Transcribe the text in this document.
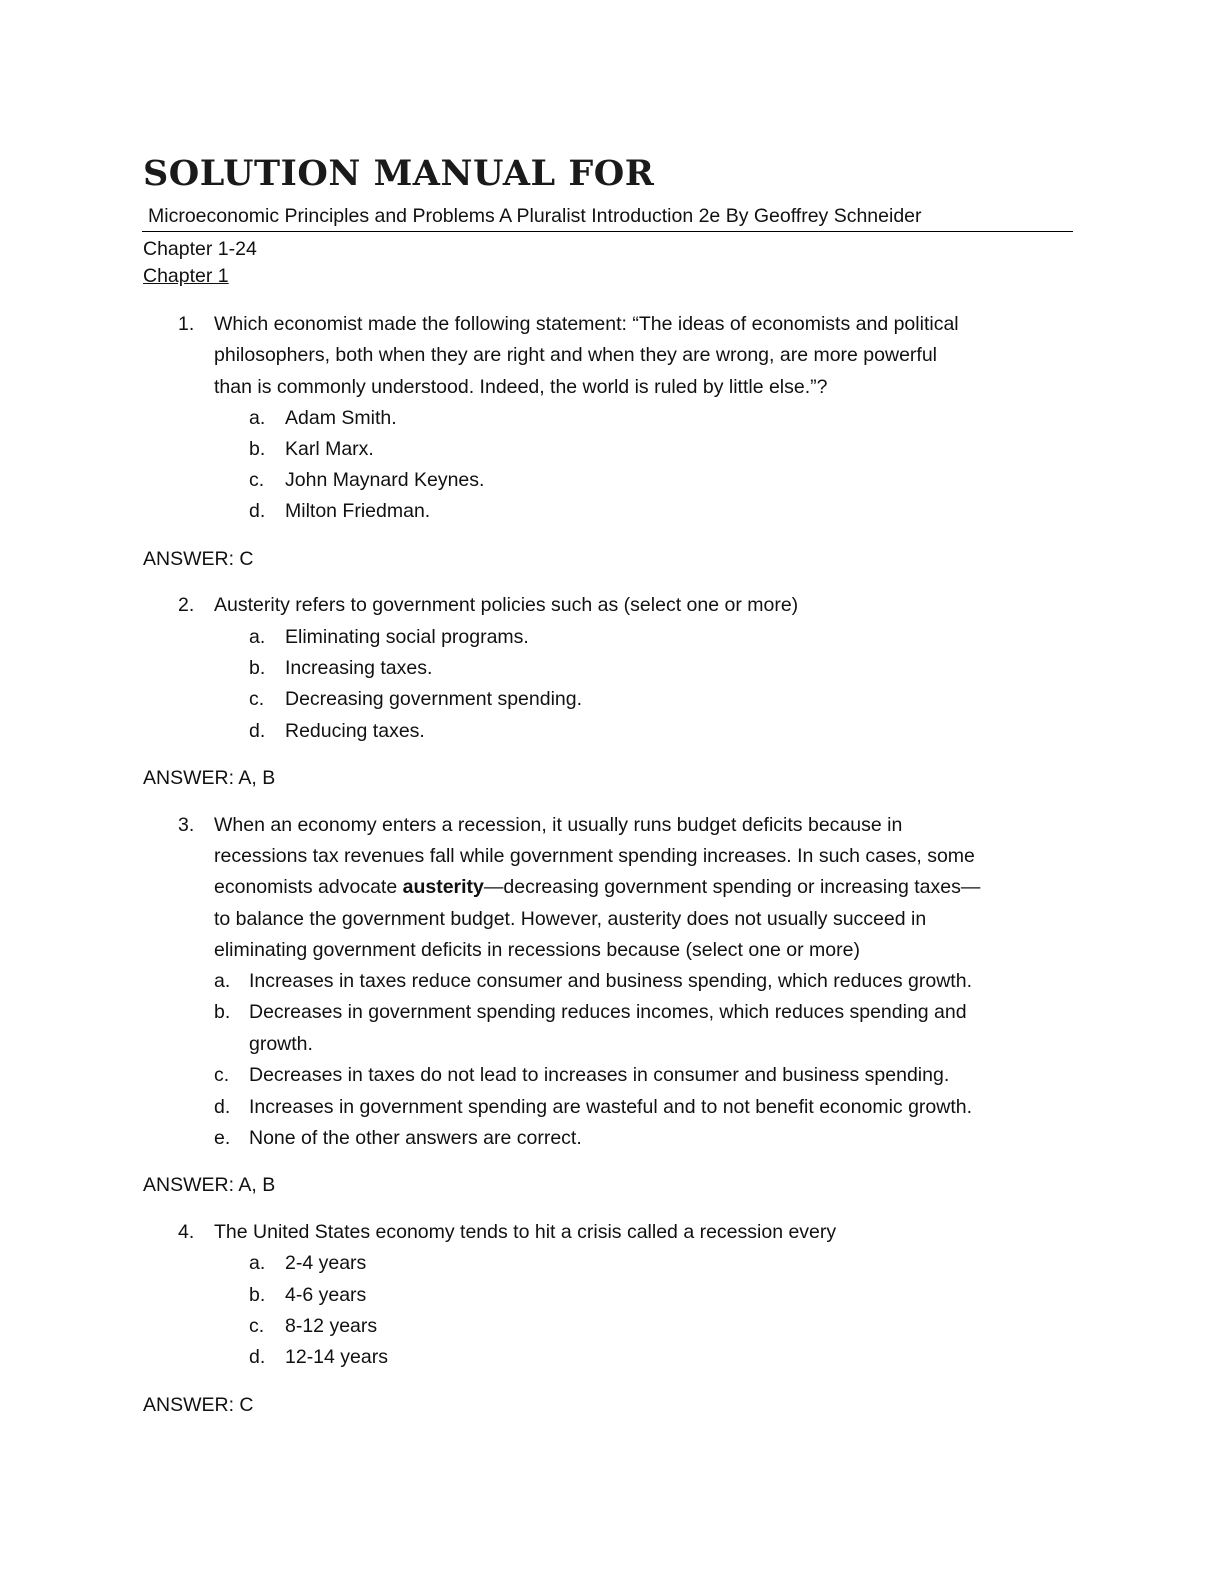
SOLUTION MANUAL FOR
Microeconomic Principles and Problems A Pluralist Introduction 2e By Geoffrey Schneider
Chapter 1-24
Chapter 1
1. Which economist made the following statement: “The ideas of economists and political
philosophers, both when they are right and when they are wrong, are more powerful
than is commonly understood. Indeed, the world is ruled by little else.”?
a. Adam Smith.
b. Karl Marx.
c. John Maynard Keynes.
d. Milton Friedman.
ANSWER: C
2. Austerity refers to government policies such as (select one or more)
a. Eliminating social programs.
b. Increasing taxes.
c. Decreasing government spending.
d. Reducing taxes.
ANSWER: A, B
3. When an economy enters a recession, it usually runs budget deficits because in
recessions tax revenues fall while government spending increases. In such cases, some
economists advocate austerity—decreasing government spending or increasing taxes—
to balance the government budget. However, austerity does not usually succeed in
eliminating government deficits in recessions because (select one or more)
a. Increases in taxes reduce consumer and business spending, which reduces growth.
b. Decreases in government spending reduces incomes, which reduces spending and
growth.
c. Decreases in taxes do not lead to increases in consumer and business spending.
d. Increases in government spending are wasteful and to not benefit economic growth.
e. None of the other answers are correct.
ANSWER: A, B
4. The United States economy tends to hit a crisis called a recession every
a. 2-4 years
b. 4-6 years
c. 8-12 years
d. 12-14 years
ANSWER: C
